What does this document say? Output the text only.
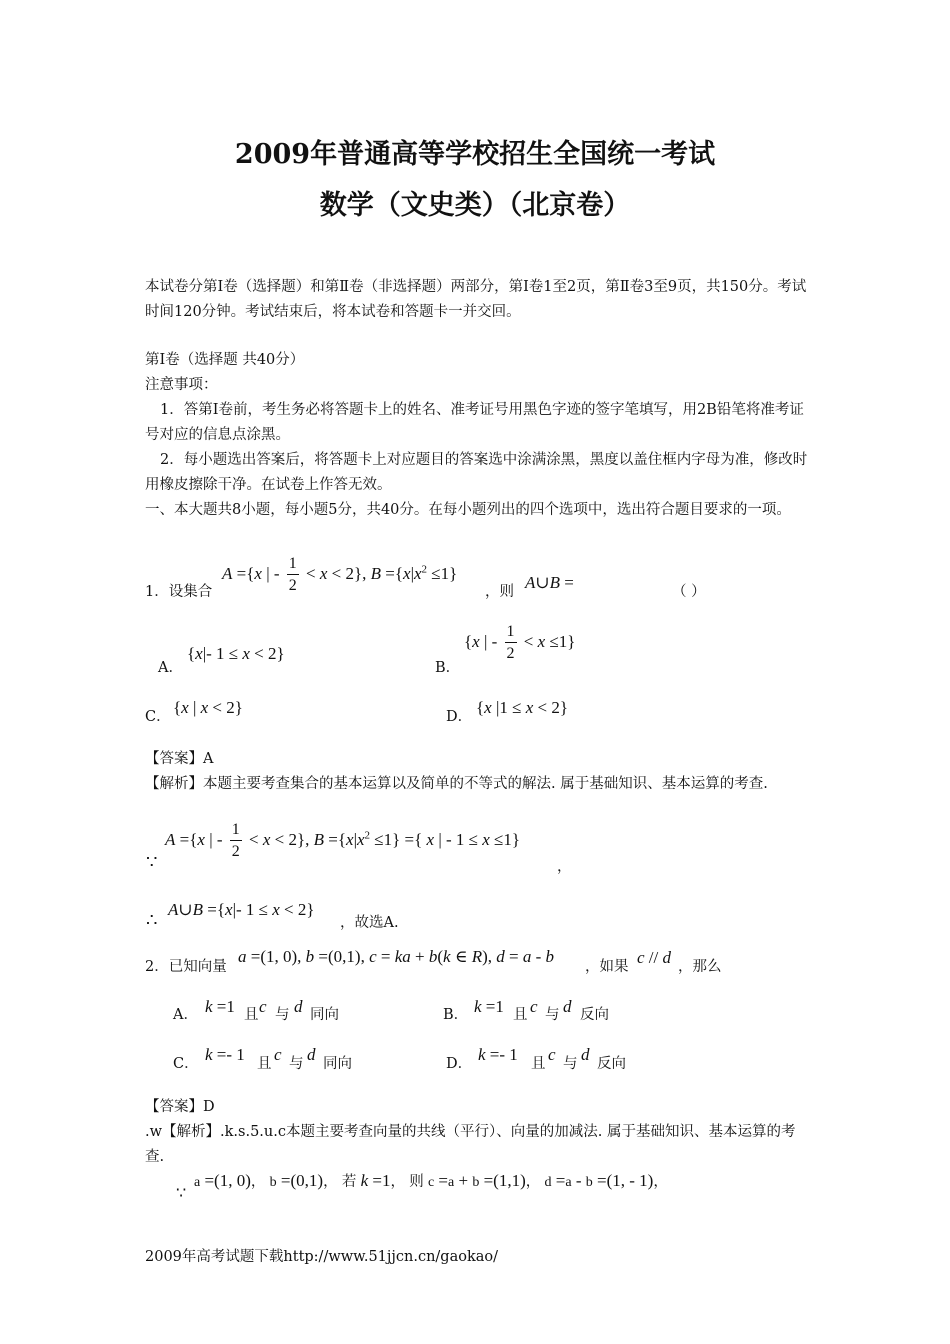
2009年普通高等学校招生全国统一考试
数学（文史类）（北京卷）
本试卷分第Ⅰ卷（选择题）和第Ⅱ卷（非选择题）两部分，第Ⅰ卷1至2页，第Ⅱ卷3至9页，共150分。考试时间120分钟。考试结束后，将本试卷和答题卡一并交回。
第Ⅰ卷（选择题 共40分）
注意事项：
1．答第Ⅰ卷前，考生务必将答题卡上的姓名、准考证号用黑色字迹的签字笔填写，用2B铅笔将准考证号对应的信息点涂黑。
2．每小题选出答案后，将答题卡上对应题目的答案选中涂满涂黑，黑度以盖住框内字母为准，修改时用橡皮擦除干净。在试卷上作答无效。
一、本大题共8小题，每小题5分，共40分。在每小题列出的四个选项中，选出符合题目要求的一项。
1．设集合
A ={x | - $\frac{1}{2} < x < 2$}, $B =\{x|x^2 \le 1\}$
，则 A∪B =	（ ）
A．
{x|- 1 ≤ x < 2}
B．
{x | - $\frac{1}{2} < x \le 1$}
C． {x | x < 2}	D． {x |1 ≤ x < 2}
【答案】A
【解析】本题主要考查集合的基本运算以及简单的不等式的解法. 属于基础知识、基本运算的考查.
∵
A ={x | - $\frac{1}{2} < x < 2$}, $B =\{x|x^2 \le 1\}$ ={ x | - 1 ≤ x ≤1}
，
∴
A∪B ={x|- 1 ≤ x < 2}
，故选A.
2．已知向量
a =(1, 0), b =(0,1), c = ka + b(k ∈ R), d = a - b
，如果 c // d ，那么
A． k =1 且 c 与 d 同向	B． k =1 且 c 与 d 反向
C． k =- 1 且 c 与 d 同向	D． k =- 1 且 c 与 d 反向
【答案】D
.w【解析】.k.s.5.u.c本题主要考查向量的共线（平行）、向量的加减法. 属于基础知识、基本运算的考查.
∵
a =(1, 0)， b =(0,1)， 若 k =1， 则 c =a + b =(1,1)， d =a - b =(1, - 1)，
2009年高考试题下载http://www.51jjcn.cn/gaokao/
